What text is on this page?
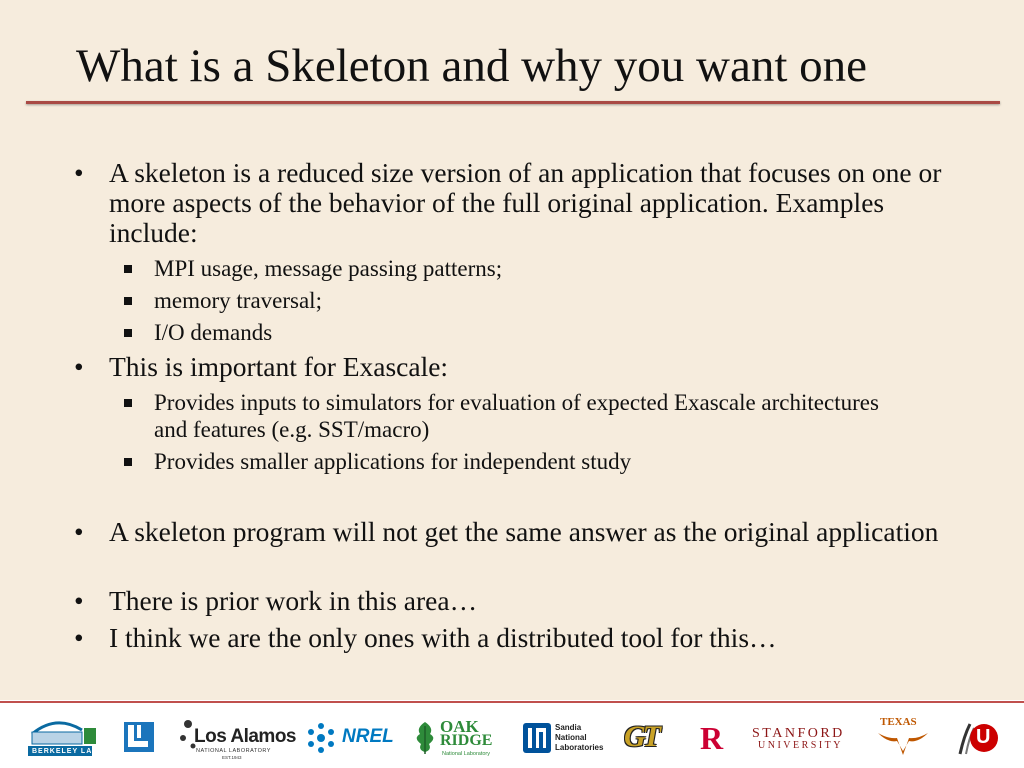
What is a Skeleton and why you want one
• A skeleton is a reduced size version of an application that focuses on one or more aspects of the behavior of the full original application. Examples include:
MPI usage, message passing patterns;
memory traversal;
I/O demands
• This is important for Exascale:
Provides inputs to simulators for evaluation of expected Exascale architectures and features (e.g. SST/macro)
Provides smaller applications for independent study
• A skeleton program will not get the same answer as the original application
• There is prior work in this area…
• I think we are the only ones with a distributed tool for this…
BERKELEY LAB
Los Alamos
NATIONAL LABORATORY
EST.1943
NREL	OAK
RIDGE
National Laboratory
Sandia
National
Laboratories GT R STANFORD
UNIVERSITY
TEXAS
U
